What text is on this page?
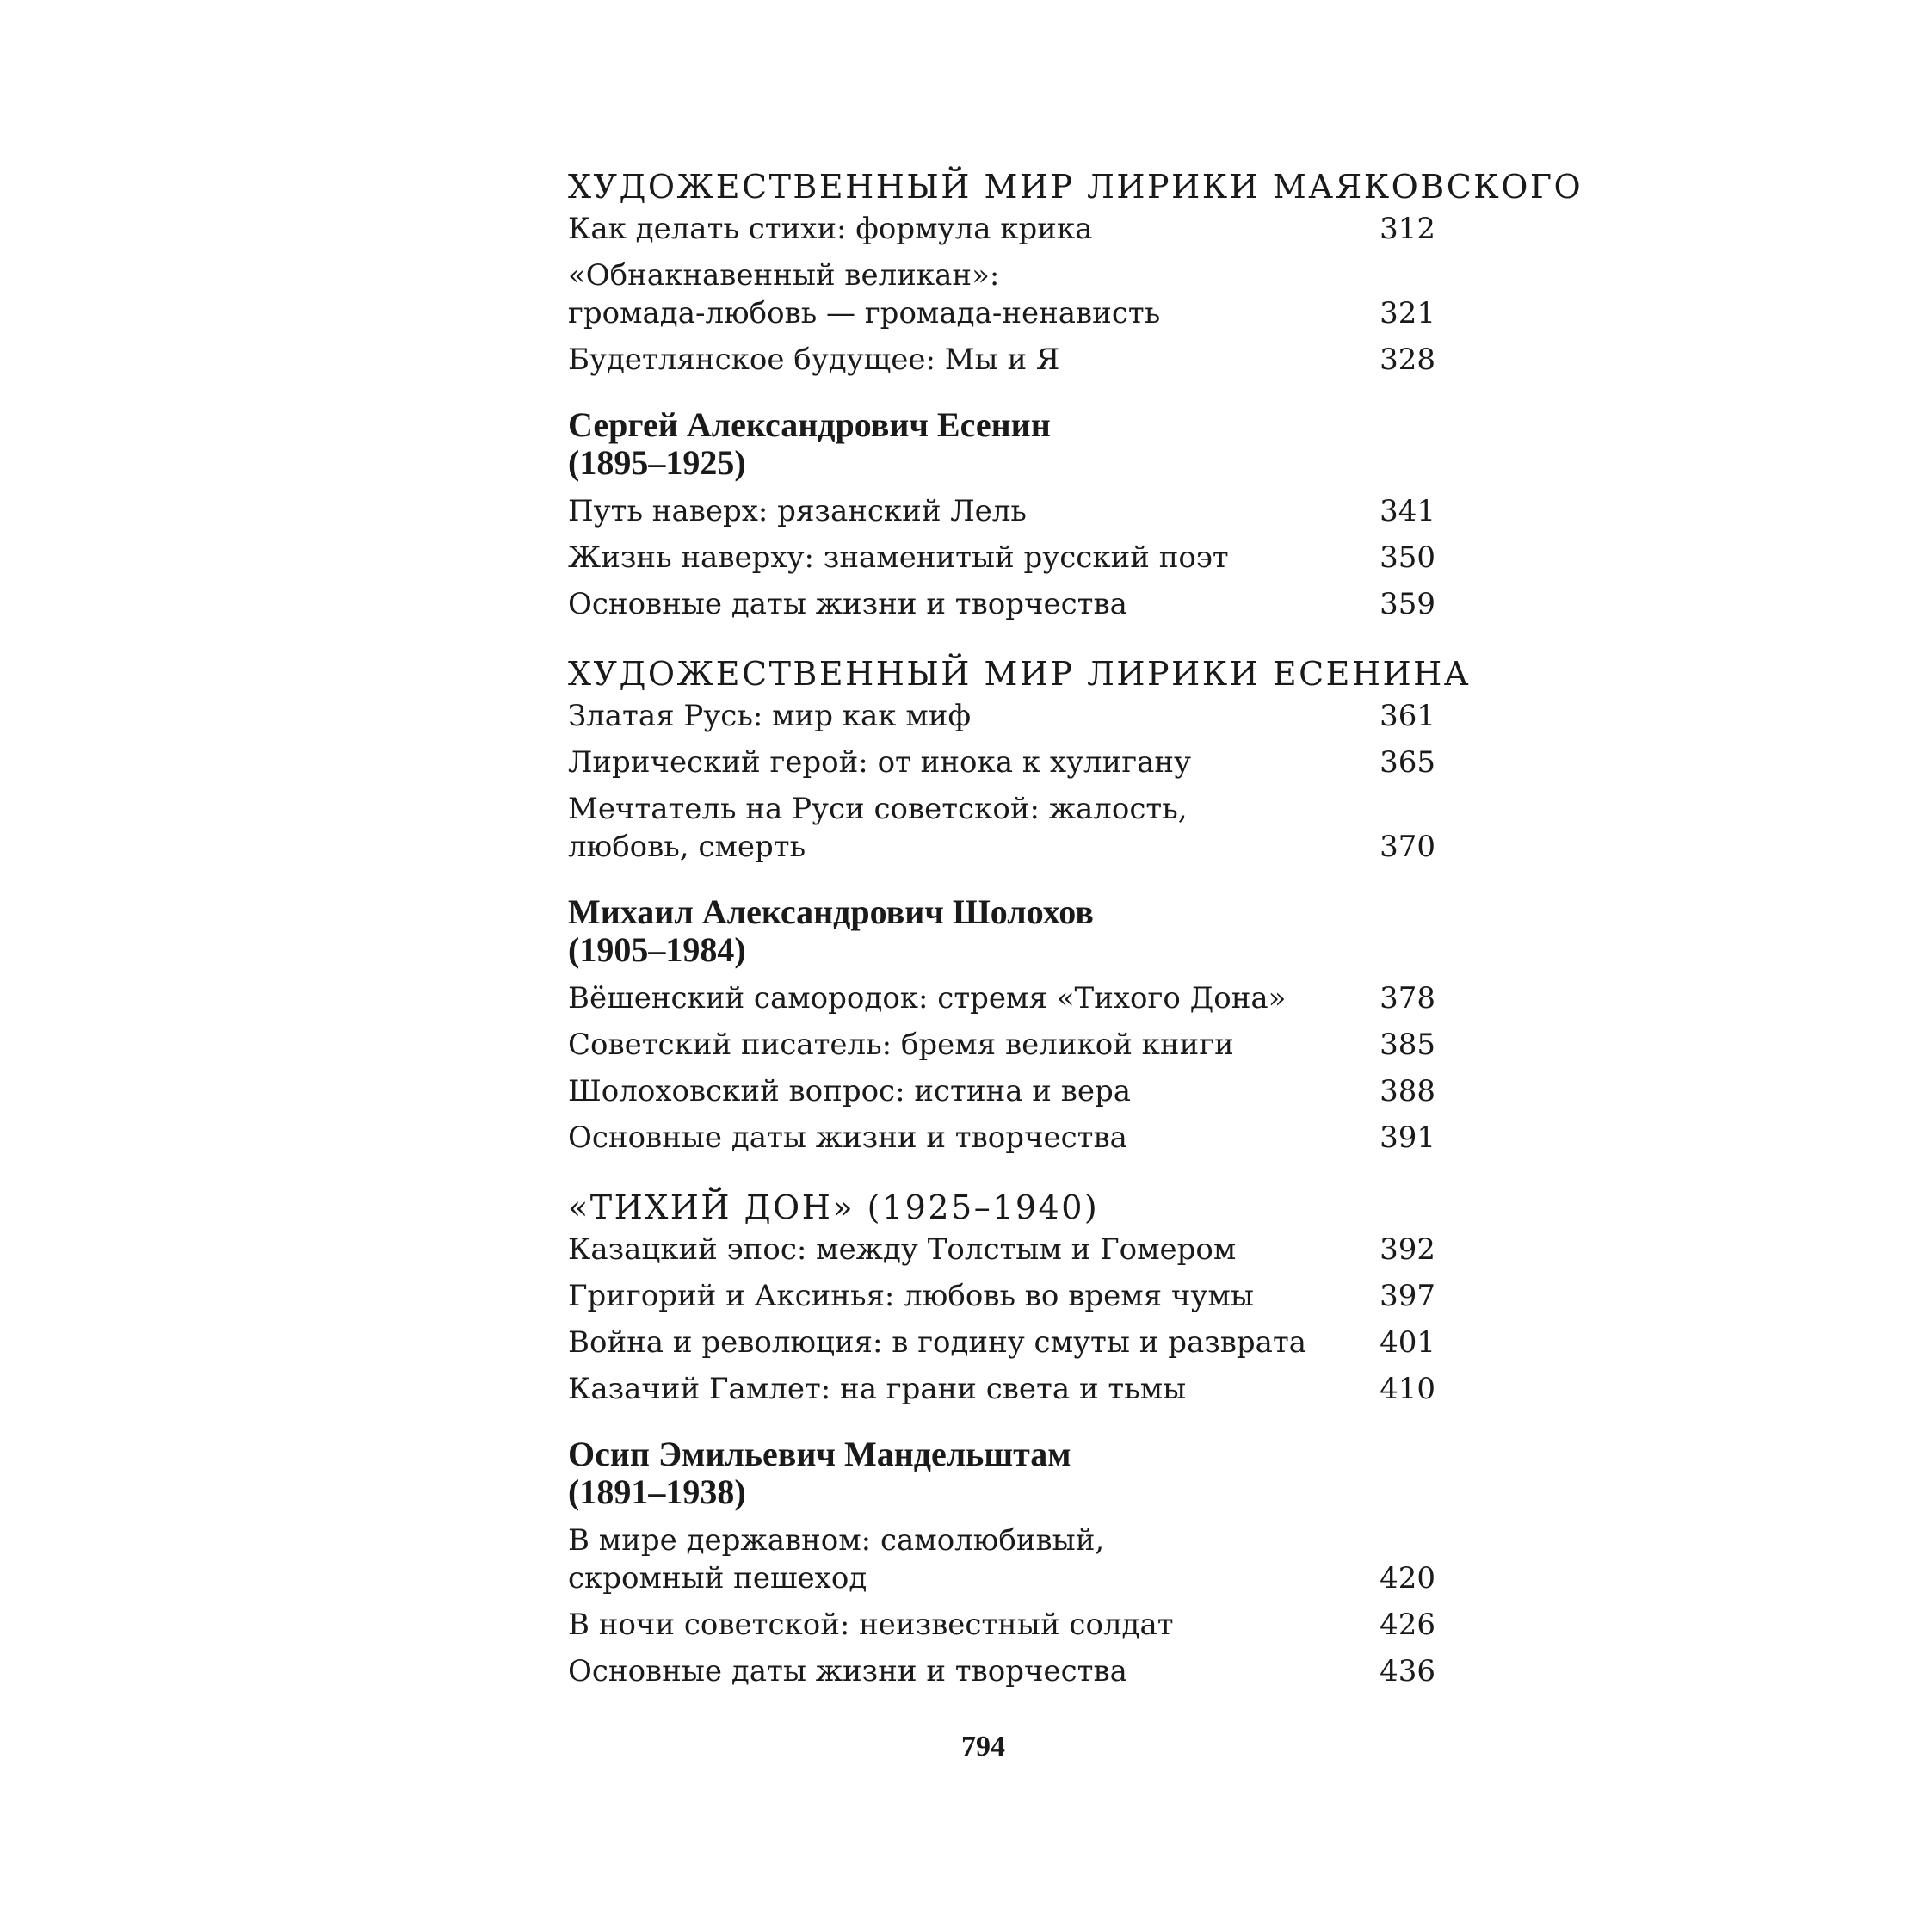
ХУДОЖЕСТВЕННЫЙ МИР ЛИРИКИ МАЯКОВСКОГО
Как делать стихи: формула крика	312
«Обнакнавенный великан»:
громада-любовь — громада-ненависть	321
Будетлянское будущее: Мы и Я	328
Сергей Александрович Есенин
(1895–1925)
Путь наверх: рязанский Лель	341
Жизнь наверху: знаменитый русский поэт	350
Основные даты жизни и творчества	359
ХУДОЖЕСТВЕННЫЙ МИР ЛИРИКИ ЕСЕНИНА
Златая Русь: мир как миф	361
Лирический герой: от инока к хулигану	365
Мечтатель на Руси советской: жалость,
любовь, смерть	370
Михаил Александрович Шолохов
(1905–1984)
Вёшенский самородок: стремя «Тихого Дона»	378
Советский писатель: бремя великой книги	385
Шолоховский вопрос: истина и вера	388
Основные даты жизни и творчества	391
«ТИХИЙ ДОН» (1925–1940)
Казацкий эпос: между Толстым и Гомером	392
Григорий и Аксинья: любовь во время чумы	397
Война и революция: в годину смуты и разврата	401
Казачий Гамлет: на грани света и тьмы	410
Осип Эмильевич Мандельштам
(1891–1938)
В мире державном: самолюбивый,
скромный пешеход	420
В ночи советской: неизвестный солдат	426
Основные даты жизни и творчества	436
794
